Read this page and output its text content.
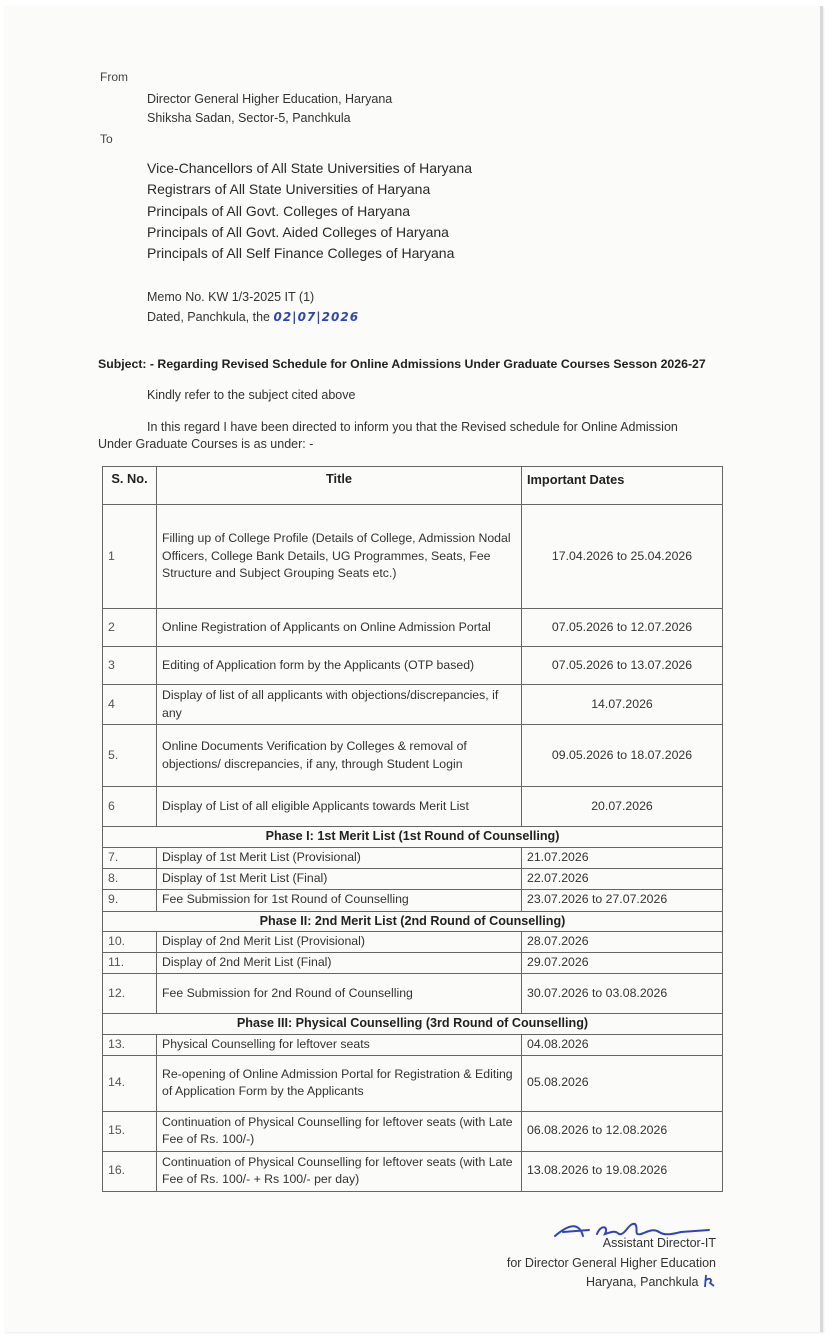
From
Director General Higher Education, Haryana
Shiksha Sadan, Sector-5, Panchkula
To
Vice-Chancellors of All State Universities of Haryana
Registrars of All State Universities of Haryana
Principals of All Govt. Colleges of Haryana
Principals of All Govt. Aided Colleges of Haryana
Principals of All Self Finance Colleges of Haryana
Memo No. KW 1/3-2025 IT (1)
Dated, Panchkula, the 02|07|2026
Subject: - Regarding Revised Schedule for Online Admissions Under Graduate Courses Sesson 2026-27
Kindly refer to the subject cited above
In this regard I have been directed to inform you that the Revised schedule for Online Admission
Under Graduate Courses is as under: -
S. No.	Title	Important Dates
1	Filling up of College Profile (Details of College, Admission Nodal Officers, College Bank Details, UG Programmes, Seats, Fee Structure and Subject Grouping Seats etc.)	17.04.2026 to 25.04.2026
2	Online Registration of Applicants on Online Admission Portal	07.05.2026 to 12.07.2026
3	Editing of Application form by the Applicants (OTP based)	07.05.2026 to 13.07.2026
4	Display of list of all applicants with objections/discrepancies, if any	14.07.2026
5.	Online Documents Verification by Colleges & removal of objections/ discrepancies, if any, through Student Login	09.05.2026 to 18.07.2026
6	Display of List of all eligible Applicants towards Merit List	20.07.2026
Phase I: 1st Merit List (1st Round of Counselling)		
7.	Display of 1st Merit List (Provisional)	21.07.2026
8.	Display of 1st Merit List (Final)	22.07.2026
9.	Fee Submission for 1st Round of Counselling	23.07.2026 to 27.07.2026
Phase II: 2nd Merit List (2nd Round of Counselling)		
10.	Display of 2nd Merit List (Provisional)	28.07.2026
11.	Display of 2nd Merit List (Final)	29.07.2026
12.	Fee Submission for 2nd Round of Counselling	30.07.2026 to 03.08.2026
Phase III: Physical Counselling (3rd Round of Counselling)		
13.	Physical Counselling for leftover seats	04.08.2026
14.	Re-opening of Online Admission Portal for Registration & Editing of Application Form by the Applicants	05.08.2026
15.	Continuation of Physical Counselling for leftover seats (with Late Fee of Rs. 100/-)	06.08.2026 to 12.08.2026
16.	Continuation of Physical Counselling for leftover seats (with Late Fee of Rs. 100/- + Rs 100/- per day)	13.08.2026 to 19.08.2026
Assistant Director-IT
for Director General Higher Education
Haryana, Panchkula
